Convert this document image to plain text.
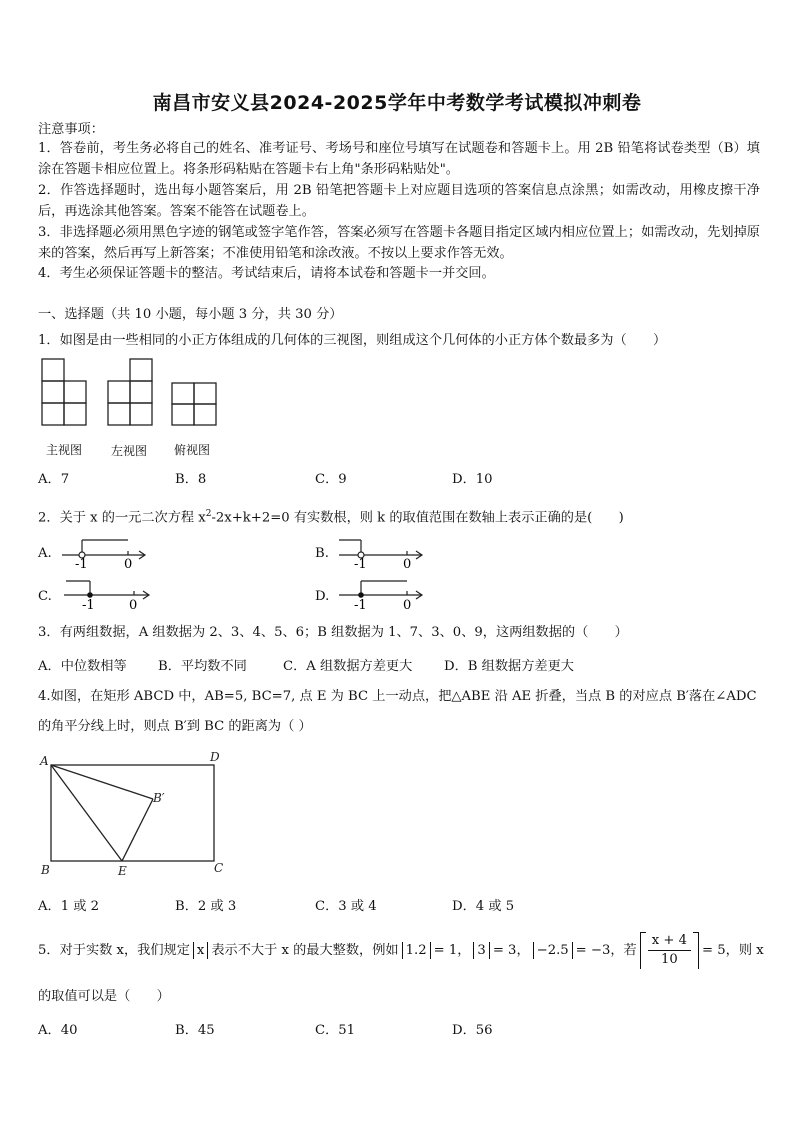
南昌市安义县2024-2025学年中考数学考试模拟冲刺卷
注意事项：
1．答卷前，考生务必将自己的姓名、准考证号、考场号和座位号填写在试题卷和答题卡上。用 2B 铅笔将试卷类型（B）填涂在答题卡相应位置上。将条形码粘贴在答题卡右上角"条形码粘贴处"。
2．作答选择题时，选出每小题答案后，用 2B 铅笔把答题卡上对应题目选项的答案信息点涂黑；如需改动，用橡皮擦干净后，再选涂其他答案。答案不能答在试题卷上。
3．非选择题必须用黑色字迹的钢笔或签字笔作答，答案必须写在答题卡各题目指定区域内相应位置上；如需改动，先划掉原来的答案，然后再写上新答案；不准使用铅笔和涂改液。不按以上要求作答无效。
4．考生必须保证答题卡的整洁。考试结束后，请将本试卷和答题卡一并交回。
一、选择题（共 10 小题，每小题 3 分，共 30 分）
1．如图是由一些相同的小正方体组成的几何体的三视图，则组成这个几何体的小正方体个数最多为（　　）
主视图 左视图 俯视图
A．7	B．8	C．9	D．10
2．关于 x 的一元二次方程 $x^2-2x+k+2=0$ 有实数根，则 k 的取值范围在数轴上表示正确的是(　　)
A.
-1	0
B.
-1	0
C.
-1	0
D.
-1	0
3．有两组数据，A 组数据为 2、3、4、5、6；B 组数据为 1、7、3、0、9，这两组数据的（　　）
A．中位数相等 B．平均数不同	C．A 组数据方差更大 D．B 组数据方差更大
4.如图，在矩形 ABCD 中，AB=5, BC=7, 点 E 为 BC 上一动点，把△ABE 沿 AE 折叠，当点 B 的对应点 B′落在∠ADC
的角平分线上时，则点 B′到 BC 的距离为（ ）
A	D
B′
B	C
E
A．1 或 2	B．2 或 3	C．3 或 4	D．4 或 5
5．对于实数 x，我们规定 x 表示不大于 x 的最大整数，例如 1.2 = 1， 3 = 3， −2.5 = −3，若 $\frac{x + 4}{10} = 5$，则 x
的取值可以是（　　）
A．40	B．45	C．51	D．56
